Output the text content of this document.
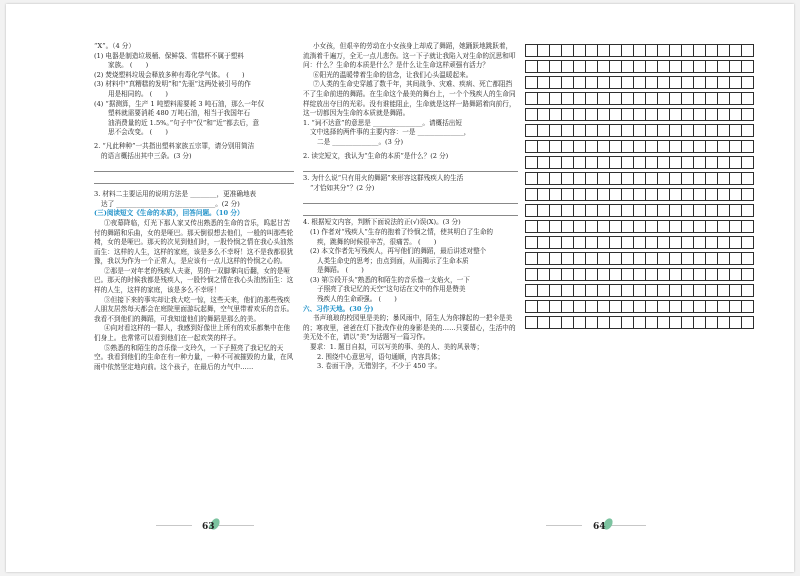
“X”。（4 分）
(1) 电器是制造垃圾桶、保鲜袋、雪糕杯不属于塑料
家族。 (　　)
(2) 焚烧塑料垃圾会释放多种有毒化学气体。 (　　)
(3) 材料中“真糟糕的发明”和“先驱”这两处被引号的作
用是相同的。 (　　)
(4) “据测算，生产 1 吨塑料需要耗 3 吨石油，那么一年仅
塑料就需要消耗 480 万吨石油，相当于我国年石
油消费量的近 1.5%。”句子中“仅”和“近”都去后，意
思不会改变。 (　　)
2. “凡此种种”一共指出塑料家族五宗罪，请分别用简洁
的语言概括出其中三条。(3 分)
3. 材料二主要运用的说明方法是 ________，更准确地表
达了 ______________________________。(2 分)
(三)阅读短文《生命的本质》，回答问题。（10 分）
①夜幕降临，灯光下那人家又传出熟悉的生命的音乐，呜起甘苦付的舞蹈和乐曲，女的是哑巴。那天倒很想去他们，一般的叫那些轮椅，女的是哑巴。那天的次见到他们时，一股怜悯之情在我心头油然而生：这样的人生，这样的家庭，该是多么不幸呀！这不是我都很犹豫，我以为作为一个正常人，是应该有一点儿这样的怜悯之心的。
②那是一对年老的残疾人夫妻，男的一双脚掌向后翻，女的是哑巴。那天的时候我都是残疾人，一股怜悯之情在我心头油然而生：这样的人生，这样的家庭，该是多么不幸呀！
③但接下来的事实却让我大吃一惊，这些天来，他们的那些残疾人朋友居然每天都会在庭院里面游玩起舞，空气里带着欢乐的音乐。我看不到他们的舞蹈，可我知道他们的舞蹈是那么的美。
④向对看这样的一群人，我感到好像世上所有的欢乐都集中在他们身上。也常常可以看到他们在一起欢笑的样子。
⑤熟悉的和陌生的音乐像一支玲久，一下子照亮了我记忆的天空。我看到他们的生命在有一种力量，一种不可被摧毁的力量，在风雨中依然坚定地向前。这个孩子，在最后的力气中……
小女孩，但艰辛的劳动在小女孩身上却成了舞蹈，她踊跃地跳跃着，流淌着千遍万，全无一点儿悲伤。这一下子就让我陷入对生命的沉思和叩问：什么？生命的本质是什么？是什么让生命这样顽强有活力？
⑥阳光的温暖带着生命的信念，让我们心头温暖起来。
⑦人类的生命史穿越了数千年，其间战争、灾难、疾病、死亡都阻挡不了生命前进的舞蹈。在生命这个最美的舞台上，一个个残疾人的生命同样绽放出夺目的光彩。没有谁能阻止，生命就是这样一路舞蹈着向前行，这一切都因为生命的本质就是舞蹈。
1. “词不达意”的意思是 _______________。请概括出短
文中选择的两件事的主要内容：一是 ______________，
二是 ______________。(3 分)
2. 读完短文，我认为“生命的本质”是什么？(2 分)
3. 为什么说“只有用火的舞蹈”来形容这群残疾人的生活
“才恰如其分”？(2 分)
4. 根据短文内容，判断下面说法的正(√)误(X)。(3 分)
(1) 作者对“残疾人”生存的抱着了怜悯之情，使其明白了生命的
疾，跳舞的时候很辛苦，很痛苦。 (　　)
(2) 本文作者先写残疾人，再写他们的舞蹈，最后讲述对整个
人类生命史的思考；由点到面，从而揭示了生命本质
是舞蹈。 (　　)
(3) 第⑤段开头“熟悉的和陌生的音乐像一支焰火，一下
子照亮了我记忆的天空”这句话在文中的作用是赞美
残疾人的生命顽强。 (　　)
六、习作天地。(30 分)
书声琅琅的校园里是美的；暴风雨中，陌生人为你撑起的一把伞是美的；寒夜里，爸爸在灯下批改作业的身影是美的……只要留心，生活中的美无处不在，请以“美”为话题写一篇习作。
要求：1. 题目自拟，可以写美的事、美的人、美的风景等；
2. 围绕中心意思写，语句通顺，内容具体；
3. 卷面干净，无错别字，不少于 450 字。

63	64
